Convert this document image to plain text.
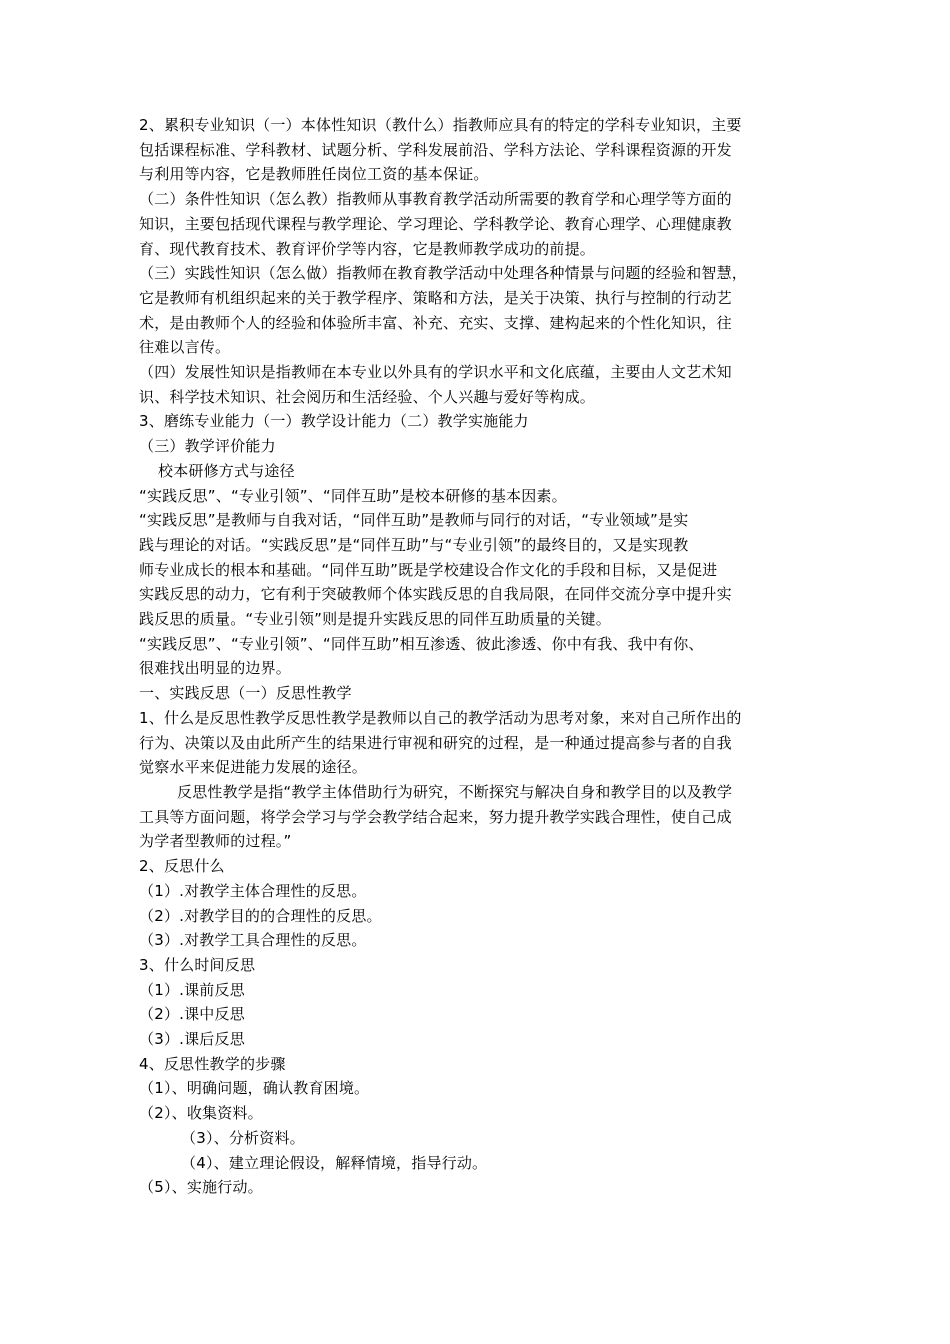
2、累积专业知识（一）本体性知识（教什么）指教师应具有的特定的学科专业知识，主要

包括课程标准、学科教材、试题分析、学科发展前沿、学科方法论、学科课程资源的开发

与利用等内容，它是教师胜任岗位工资的基本保证。

（二）条件性知识（怎么教）指教师从事教育教学活动所需要的教育学和心理学等方面的

知识，主要包括现代课程与教学理论、学习理论、学科教学论、教育心理学、心理健康教

育、现代教育技术、教育评价学等内容，它是教师教学成功的前提。

（三）实践性知识（怎么做）指教师在教育教学活动中处理各种情景与问题的经验和智慧，

它是教师有机组织起来的关于教学程序、策略和方法，是关于决策、执行与控制的行动艺

术，是由教师个人的经验和体验所丰富、补充、充实、支撑、建构起来的个性化知识，往

往难以言传。

（四）发展性知识是指教师在本专业以外具有的学识水平和文化底蕴，主要由人文艺术知

识、科学技术知识、社会阅历和生活经验、个人兴趣与爱好等构成。

3、磨练专业能力（一）教学设计能力（二）教学实施能力

（三）教学评价能力

校本研修方式与途径

“实践反思”、“专业引领”、“同伴互助”是校本研修的基本因素。

“实践反思”是教师与自我对话，“同伴互助”是教师与同行的对话，“专业领域”是实

践与理论的对话。“实践反思”是“同伴互助”与“专业引领”的最终目的，又是实现教

师专业成长的根本和基础。“同伴互助”既是学校建设合作文化的手段和目标，又是促进

实践反思的动力，它有利于突破教师个体实践反思的自我局限，在同伴交流分享中提升实

践反思的质量。“专业引领”则是提升实践反思的同伴互助质量的关键。

“实践反思”、“专业引领”、“同伴互助”相互渗透、彼此渗透、你中有我、我中有你、

很难找出明显的边界。

一、实践反思（一）反思性教学

1、什么是反思性教学反思性教学是教师以自己的教学活动为思考对象，来对自己所作出的

行为、决策以及由此所产生的结果进行审视和研究的过程，是一种通过提高参与者的自我

觉察水平来促进能力发展的途径。

反思性教学是指“教学主体借助行为研究，不断探究与解决自身和教学目的以及教学

工具等方面问题，将学会学习与学会教学结合起来，努力提升教学实践合理性，使自己成

为学者型教师的过程。”

2、反思什么

（1）.对教学主体合理性的反思。

（2）.对教学目的的合理性的反思。

（3）.对教学工具合理性的反思。

3、什么时间反思

（1）.课前反思

（2）.课中反思

（3）.课后反思

4、反思性教学的步骤

（1）、明确问题，确认教育困境。

（2）、收集资料。

（3）、分析资料。

（4）、建立理论假设，解释情境，指导行动。

（5）、实施行动。
